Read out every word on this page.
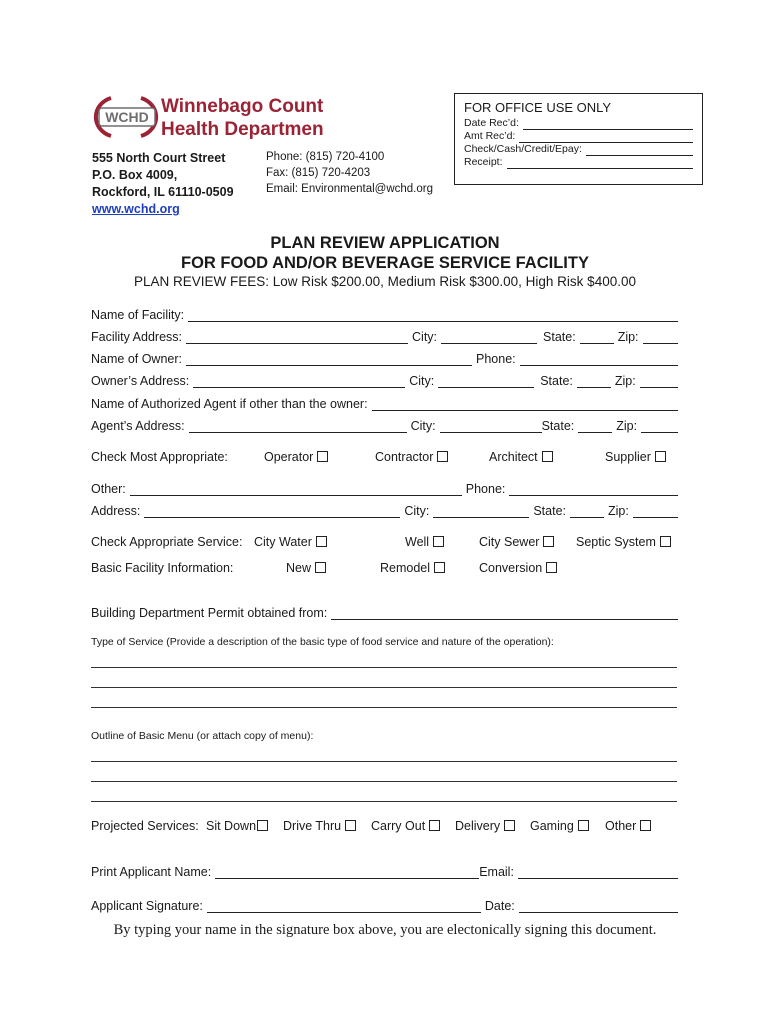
WCHD Winnebago County
Health Department
555 North Court Street
P.O. Box 4009,
Rockford, IL 61110-0509
www.wchd.org
Phone: (815) 720-4100
Fax: (815) 720-4203
Email: Environmental@wchd.org
FOR OFFICE USE ONLY
Date Rec’d:
Amt Rec’d:
Check/Cash/Credit/Epay:
Receipt:
PLAN REVIEW APPLICATION
FOR FOOD AND/OR BEVERAGE SERVICE FACILITY
PLAN REVIEW FEES: Low Risk $200.00, Medium Risk $300.00, High Risk $400.00
Name of Facility:
Facility Address:	City:	State:	Zip:
Name of Owner:	Phone:
Owner’s Address:	City:	State:	Zip:
Name of Authorized Agent if other than the owner:
Agent’s Address:	City:	State:	Zip:
Check Most Appropriate:	Operator	Contractor	Architect	Supplier
Other:	Phone:
Address:	City:	State:	Zip:
Check Appropriate Service: City Water	Well	City Sewer	Septic System
Basic Facility Information:	New	Remodel	Conversion
Building Department Permit obtained from:
Type of Service (Provide a description of the basic type of food service and nature of the operation):
Outline of Basic Menu (or attach copy of menu):
Projected Services: Sit Down	Drive Thru	Carry Out	Delivery	Gaming	Other
Print Applicant Name:	Email:
Applicant Signature:	Date:
By typing your name in the signature box above, you are electonically signing this document.
